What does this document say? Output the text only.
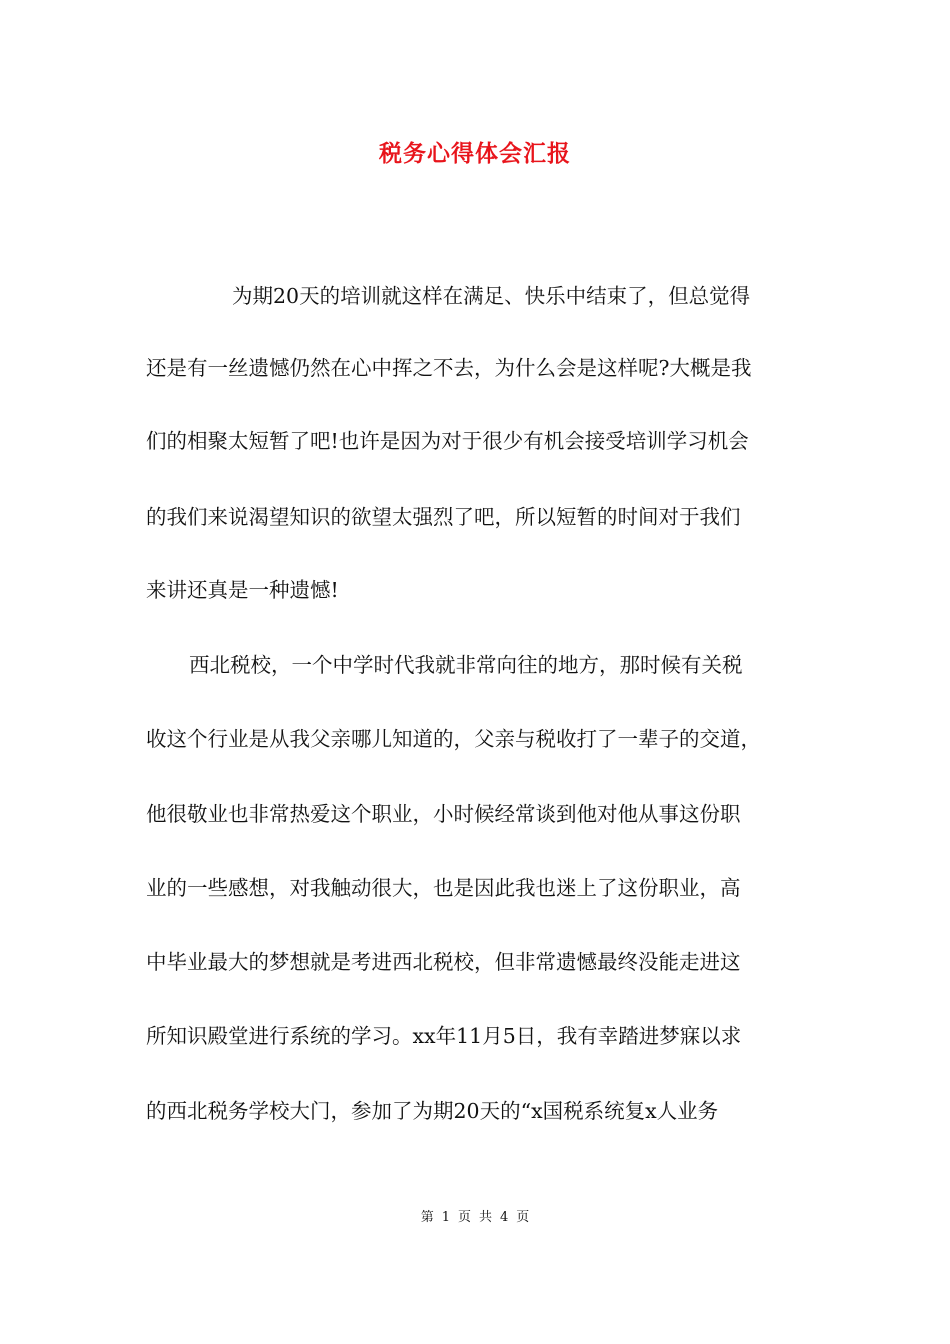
税务心得体会汇报
为期20天的培训就这样在满足、快乐中结束了，但总觉得
还是有一丝遗憾仍然在心中挥之不去，为什么会是这样呢?大概是我
们的相聚太短暂了吧!也许是因为对于很少有机会接受培训学习机会
的我们来说渴望知识的欲望太强烈了吧，所以短暂的时间对于我们
来讲还真是一种遗憾!
西北税校，一个中学时代我就非常向往的地方，那时候有关税
收这个行业是从我父亲哪儿知道的，父亲与税收打了一辈子的交道，
他很敬业也非常热爱这个职业，小时候经常谈到他对他从事这份职
业的一些感想，对我触动很大，也是因此我也迷上了这份职业，高
中毕业最大的梦想就是考进西北税校，但非常遗憾最终没能走进这
所知识殿堂进行系统的学习。xx年11月5日，我有幸踏进梦寐以求
的西北税务学校大门，参加了为期20天的“x国税系统复x人业务
第 1 页 共 4 页
